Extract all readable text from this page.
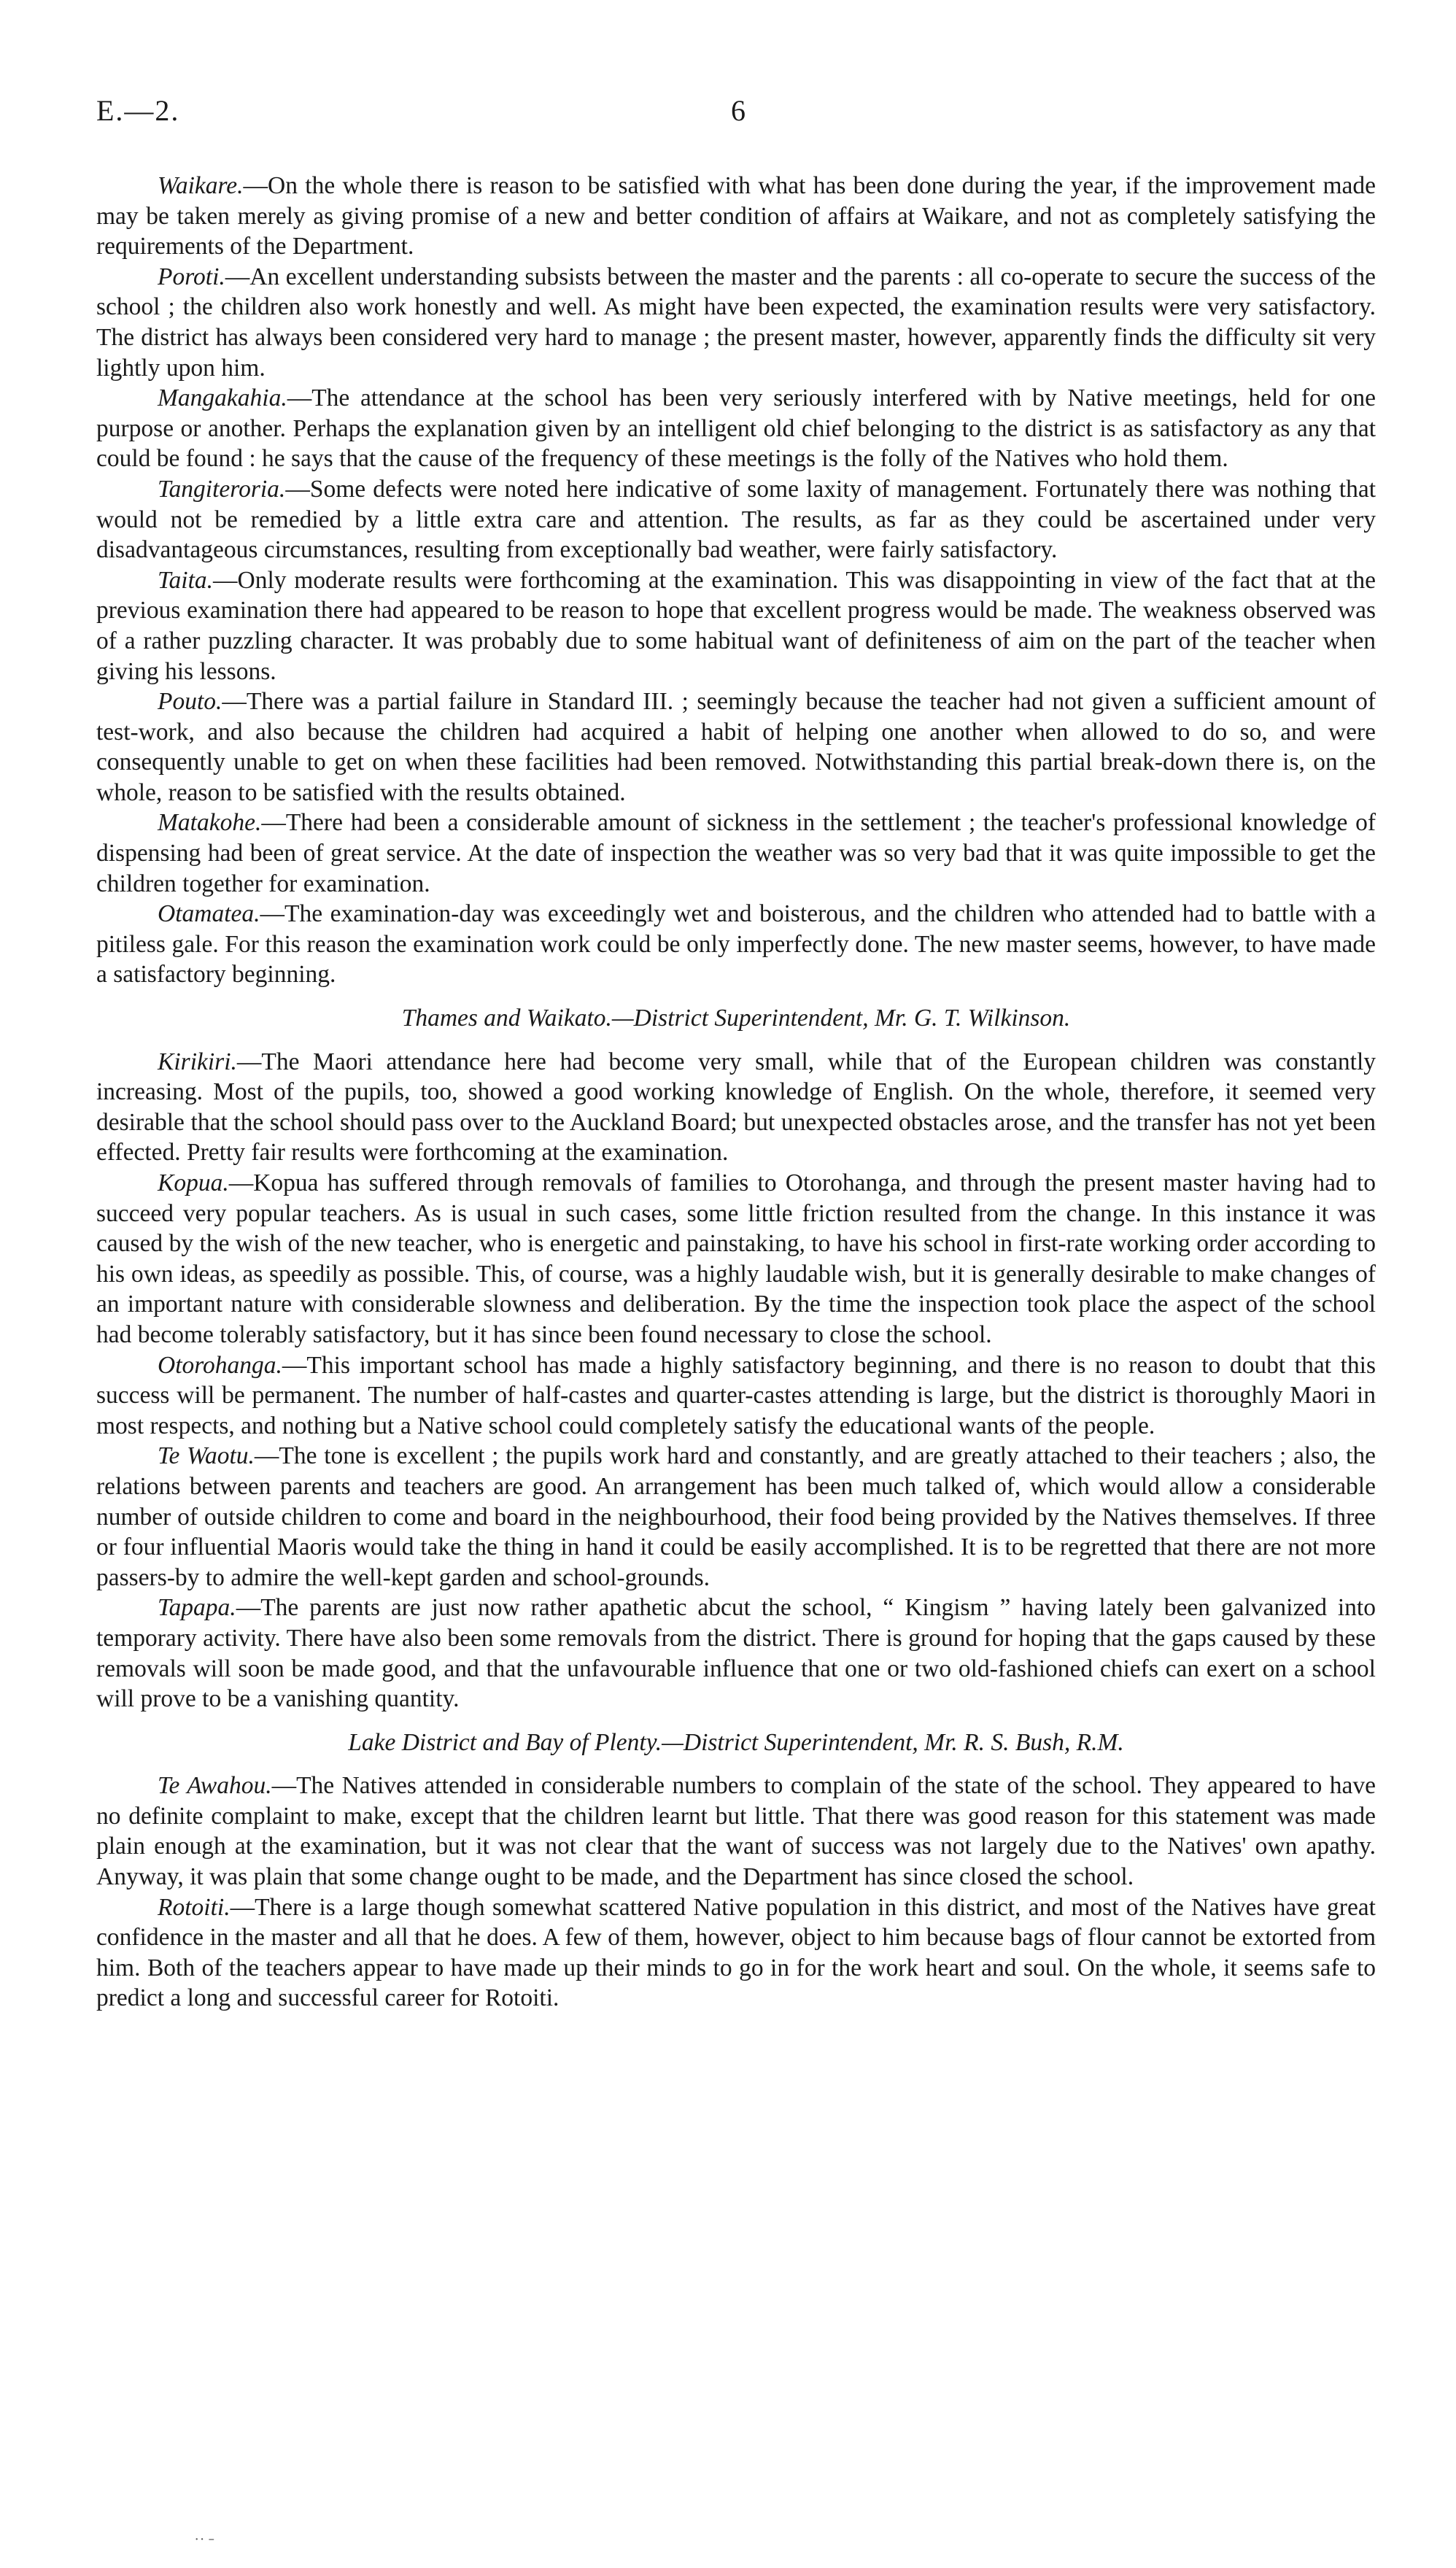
E.—2.	6

Waikare.—On the whole there is reason to be satisfied with what has been done during the year, if the improvement made may be taken merely as giving promise of a new and better condition of affairs at Waikare, and not as completely satisfying the requirements of the Department.

Poroti.—An excellent understanding subsists between the master and the parents : all co-operate to secure the success of the school ; the children also work honestly and well. As might have been expected, the examination results were very satisfactory. The district has always been considered very hard to manage ; the present master, however, apparently finds the difficulty sit very lightly upon him.

Mangakahia.—The attendance at the school has been very seriously interfered with by Native meetings, held for one purpose or another. Perhaps the explanation given by an intelligent old chief belonging to the district is as satisfactory as any that could be found : he says that the cause of the frequency of these meetings is the folly of the Natives who hold them.

Tangiteroria.—Some defects were noted here indicative of some laxity of management. Fortunately there was nothing that would not be remedied by a little extra care and attention. The results, as far as they could be ascertained under very disadvantageous circumstances, resulting from exceptionally bad weather, were fairly satisfactory.

Taita.—Only moderate results were forthcoming at the examination. This was disappointing in view of the fact that at the previous examination there had appeared to be reason to hope that excellent progress would be made. The weakness observed was of a rather puzzling character. It was probably due to some habitual want of definiteness of aim on the part of the teacher when giving his lessons.

Pouto.—There was a partial failure in Standard III. ; seemingly because the teacher had not given a sufficient amount of test-work, and also because the children had acquired a habit of helping one another when allowed to do so, and were consequently unable to get on when these facilities had been removed. Notwithstanding this partial break-down there is, on the whole, reason to be satisfied with the results obtained.

Matakohe.—There had been a considerable amount of sickness in the settlement ; the teacher's professional knowledge of dispensing had been of great service. At the date of inspection the weather was so very bad that it was quite impossible to get the children together for examination.

Otamatea.—The examination-day was exceedingly wet and boisterous, and the children who attended had to battle with a pitiless gale. For this reason the examination work could be only imperfectly done. The new master seems, however, to have made a satisfactory beginning.

Thames and Waikato.—District Superintendent, Mr. G. T. Wilkinson.

Kirikiri.—The Maori attendance here had become very small, while that of the European children was constantly increasing. Most of the pupils, too, showed a good working knowledge of English. On the whole, therefore, it seemed very desirable that the school should pass over to the Auckland Board; but unexpected obstacles arose, and the transfer has not yet been effected. Pretty fair results were forthcoming at the examination.

Kopua.—Kopua has suffered through removals of families to Otorohanga, and through the present master having had to succeed very popular teachers. As is usual in such cases, some little friction resulted from the change. In this instance it was caused by the wish of the new teacher, who is energetic and painstaking, to have his school in first-rate working order according to his own ideas, as speedily as possible. This, of course, was a highly laudable wish, but it is generally desirable to make changes of an important nature with considerable slowness and deliberation. By the time the inspection took place the aspect of the school had become tolerably satisfactory, but it has since been found necessary to close the school.

Otorohanga.—This important school has made a highly satisfactory beginning, and there is no reason to doubt that this success will be permanent. The number of half-castes and quarter-castes attending is large, but the district is thoroughly Maori in most respects, and nothing but a Native school could completely satisfy the educational wants of the people.

Te Waotu.—The tone is excellent ; the pupils work hard and constantly, and are greatly attached to their teachers ; also, the relations between parents and teachers are good. An arrangement has been much talked of, which would allow a considerable number of outside children to come and board in the neighbourhood, their food being provided by the Natives themselves. If three or four influential Maoris would take the thing in hand it could be easily accomplished. It is to be regretted that there are not more passers-by to admire the well-kept garden and school-grounds.

Tapapa.—The parents are just now rather apathetic abcut the school, “ Kingism ” having lately been galvanized into temporary activity. There have also been some removals from the district. There is ground for hoping that the gaps caused by these removals will soon be made good, and that the unfavourable influence that one or two old-fashioned chiefs can exert on a school will prove to be a vanishing quantity.

Lake District and Bay of Plenty.—District Superintendent, Mr. R. S. Bush, R.M.

Te Awahou.—The Natives attended in considerable numbers to complain of the state of the school. They appeared to have no definite complaint to make, except that the children learnt but little. That there was good reason for this statement was made plain enough at the examination, but it was not clear that the want of success was not largely due to the Natives' own apathy. Anyway, it was plain that some change ought to be made, and the Department has since closed the school.

Rotoiti.—There is a large though somewhat scattered Native population in this district, and most of the Natives have great confidence in the master and all that he does. A few of them, however, object to him because bags of flour cannot be extorted from him. Both of the teachers appear to have made up their minds to go in for the work heart and soul. On the whole, it seems safe to predict a long and successful career for Rotoiti.

˙˙ ˉ
